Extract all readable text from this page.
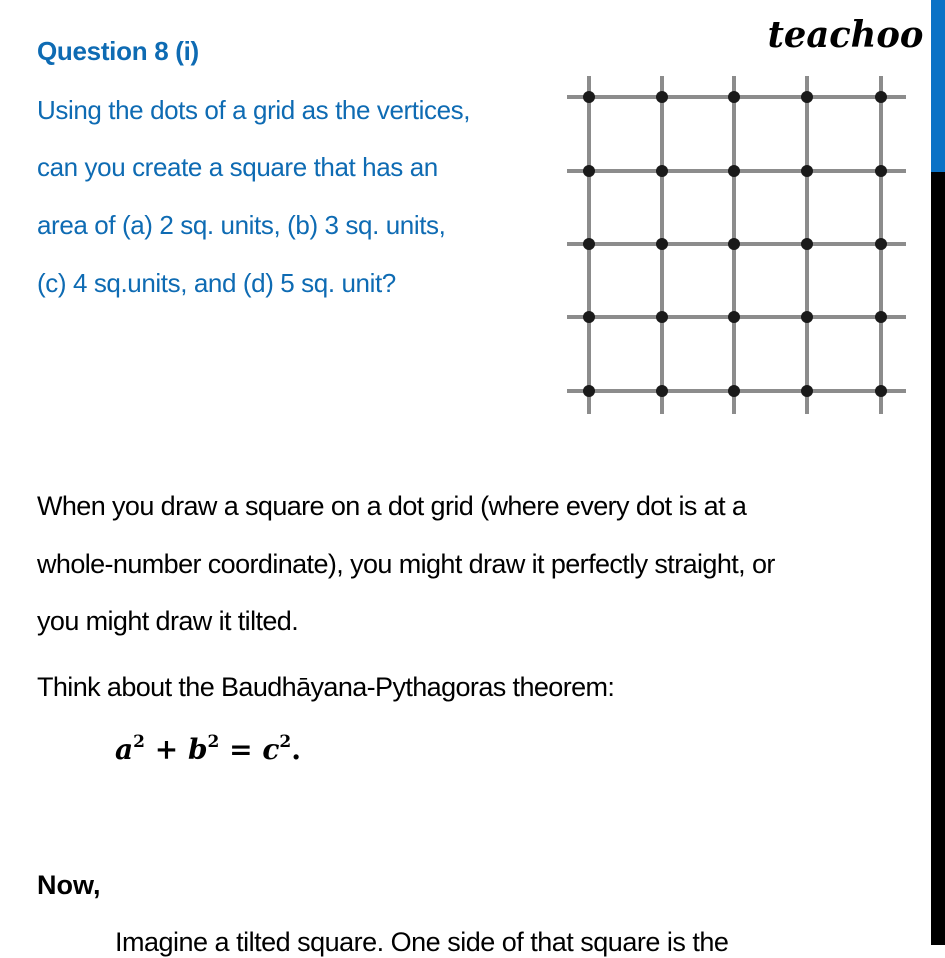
teachoo
Question 8 (i)
Using the dots of a grid as the vertices,
can you create a square that has an
area of (a) 2 sq. units, (b) 3 sq. units,
(c) 4 sq.units, and (d) 5 sq. unit?
When you draw a square on a dot grid (where every dot is at a
whole-number coordinate), you might draw it perfectly straight, or
you might draw it tilted.
Think about the Baudhāyana-Pythagoras theorem:
$a^2 + b^2 = c^2$.
Now,
Imagine a tilted square. One side of that square is the
